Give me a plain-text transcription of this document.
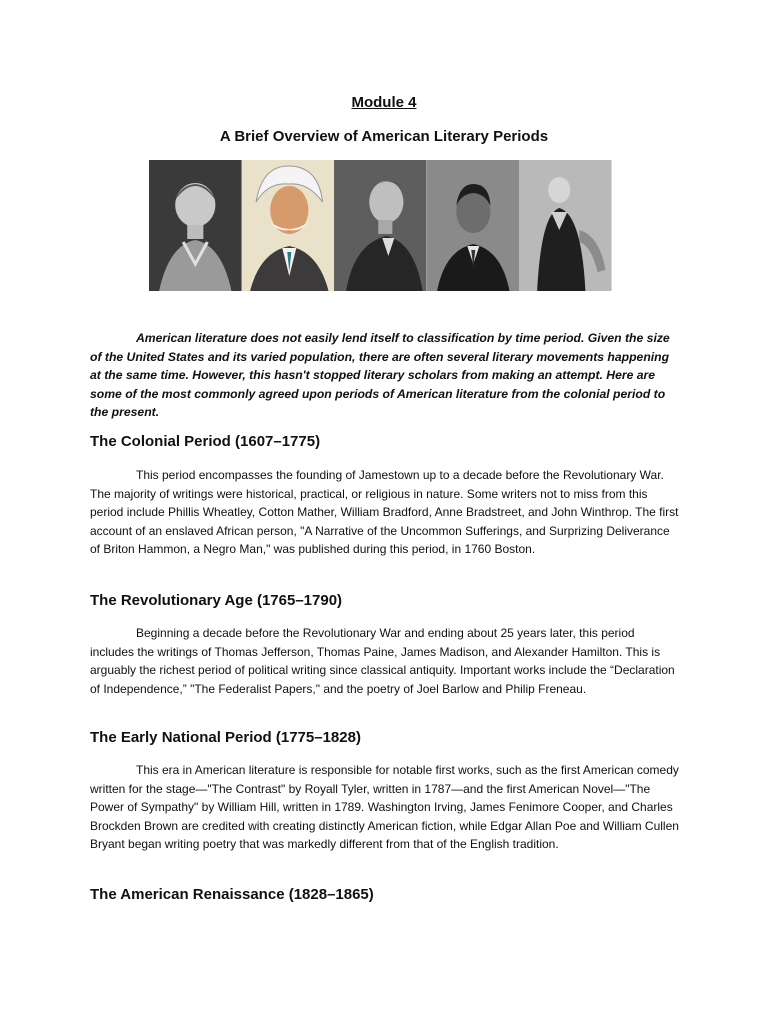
Module 4
A Brief Overview of American Literary Periods

American literature does not easily lend itself to classification by time period. Given the size of the United States and its varied population, there are often several literary movements happening at the same time. However, this hasn't stopped literary scholars from making an attempt. Here are some of the most commonly agreed upon periods of American literature from the colonial period to the present.

The Colonial Period (1607–1775)

This period encompasses the founding of Jamestown up to a decade before the Revolutionary War. The majority of writings were historical, practical, or religious in nature. Some writers not to miss from this period include Phillis Wheatley, Cotton Mather, William Bradford, Anne Bradstreet, and John Winthrop. The first account of an enslaved African person, "A Narrative of the Uncommon Sufferings, and Surprizing Deliverance of Briton Hammon, a Negro Man," was published during this period, in 1760 Boston.

The Revolutionary Age (1765–1790)

Beginning a decade before the Revolutionary War and ending about 25 years later, this period includes the writings of Thomas Jefferson, Thomas Paine, James Madison, and Alexander Hamilton. This is arguably the richest period of political writing since classical antiquity. Important works include the “Declaration of Independence,” "The Federalist Papers," and the poetry of Joel Barlow and Philip Freneau.

The Early National Period (1775–1828)

This era in American literature is responsible for notable first works, such as the first American comedy written for the stage—"The Contrast" by Royall Tyler, written in 1787—and the first American Novel—"The Power of Sympathy" by William Hill, written in 1789. Washington Irving, James Fenimore Cooper, and Charles Brockden Brown are credited with creating distinctly American fiction, while Edgar Allan Poe and William Cullen Bryant began writing poetry that was markedly different from that of the English tradition.

The American Renaissance (1828–1865)
